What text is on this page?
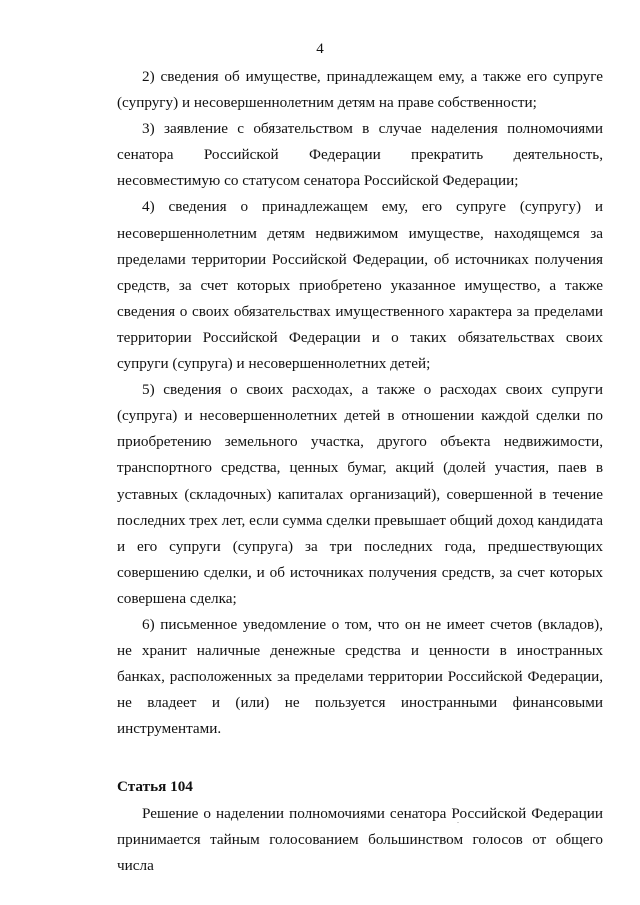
4

2) сведения об имуществе, принадлежащем ему, а также его супруге (супругу) и несовершеннолетним детям на праве собственности;

3) заявление с обязательством в случае наделения полномочиями сенатора Российской Федерации прекратить деятельность, несовместимую со статусом сенатора Российской Федерации;

4) сведения о принадлежащем ему, его супруге (супругу) и несовершеннолетним детям недвижимом имуществе, находящемся за пределами территории Российской Федерации, об источниках получения средств, за счет которых приобретено указанное имущество, а также сведения о своих обязательствах имущественного характера за пределами территории Российской Федерации и о таких обязательствах своих супруги (супруга) и несовершеннолетних детей;

5) сведения о своих расходах, а также о расходах своих супруги (супруга) и несовершеннолетних детей в отношении каждой сделки по приобретению земельного участка, другого объекта недвижимости, транспортного средства, ценных бумаг, акций (долей участия, паев в уставных (складочных) капиталах организаций), совершенной в течение последних трех лет, если сумма сделки превышает общий доход кандидата и его супруги (супруга) за три последних года, предшествующих совершению сделки, и об источниках получения средств, за счет которых совершена сделка;

6) письменное уведомление о том, что он не имеет счетов (вкладов), не хранит наличные денежные средства и ценности в иностранных банках, расположенных за пределами территории Российской Федерации, не владеет и (или) не пользуется иностранными финансовыми инструментами.

Статья 104

Решение о наделении полномочиями сенатора Российской Федерации принимается тайным голосованием большинством голосов от общего числа
